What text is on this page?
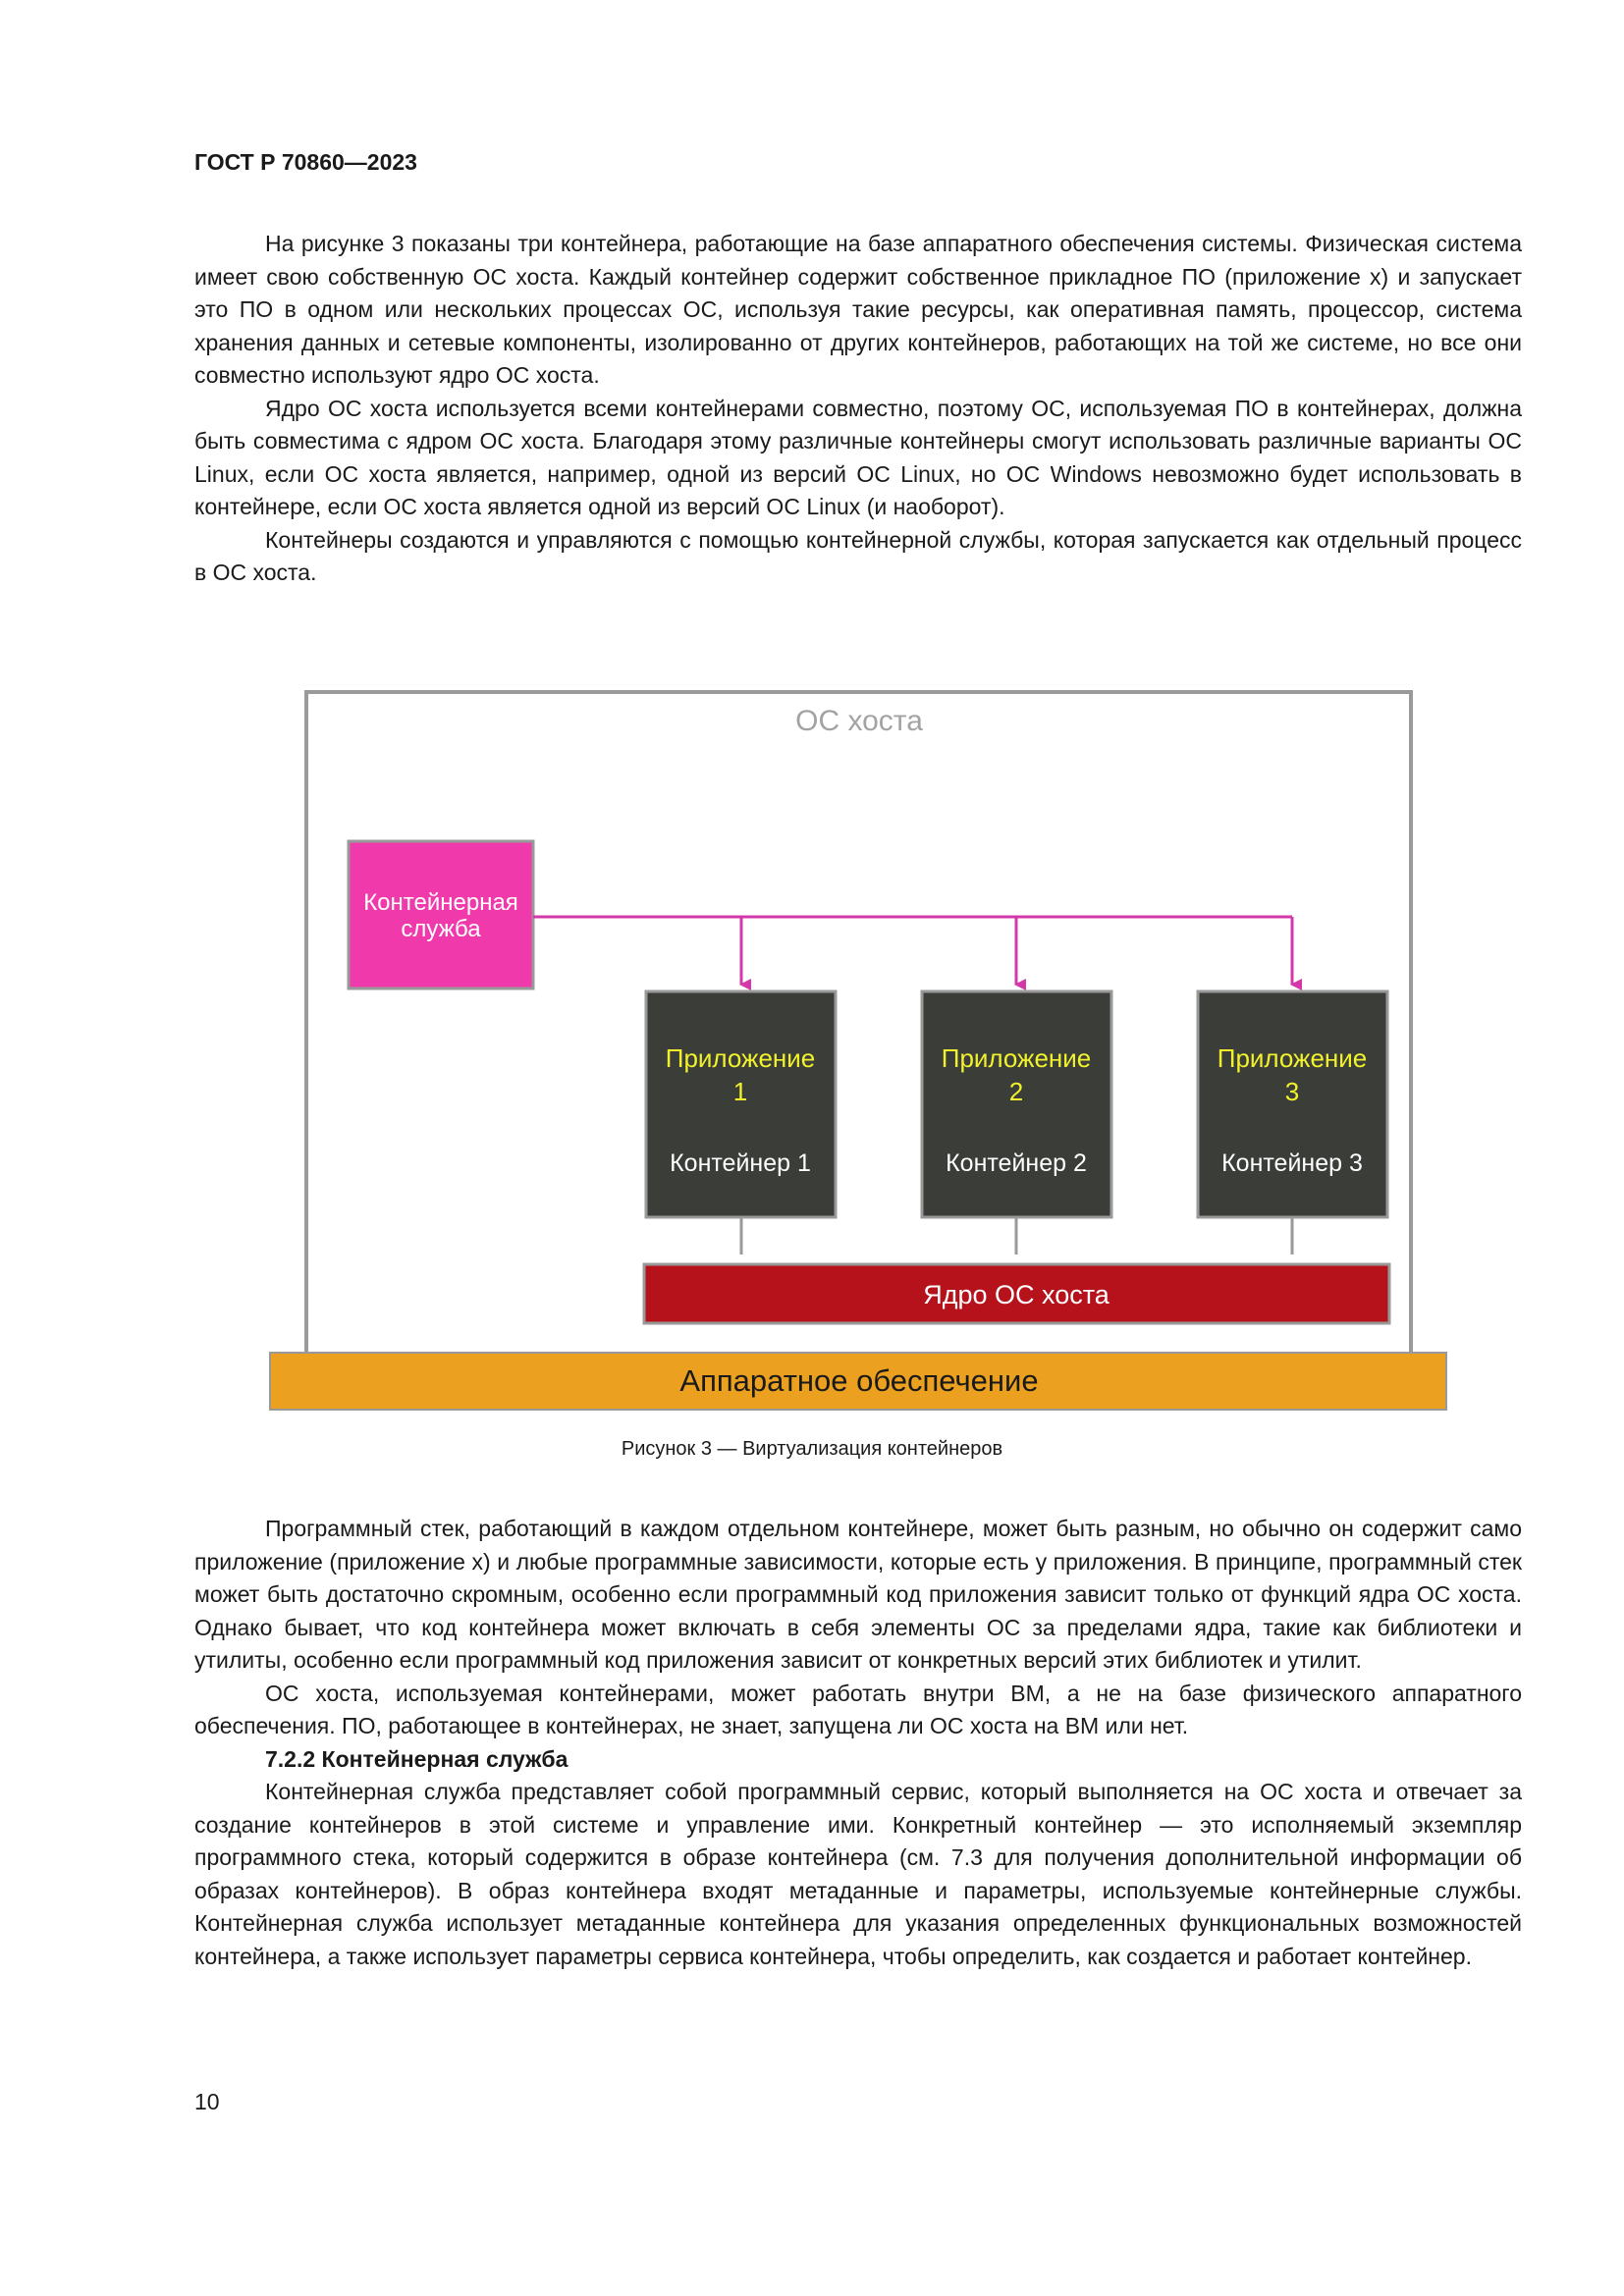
ГОСТ Р 70860—2023

На рисунке 3 показаны три контейнера, работающие на базе аппаратного обеспечения системы. Физическая система имеет свою собственную ОС хоста. Каждый контейнер содержит собственное прикладное ПО (приложение x) и запускает это ПО в одном или нескольких процессах ОС, используя такие ресурсы, как оперативная память, процессор, система хранения данных и сетевые компоненты, изолированно от других контейнеров, работающих на той же системе, но все они совместно используют ядро ОС хоста.

Ядро ОС хоста используется всеми контейнерами совместно, поэтому ОС, используемая ПО в контейнерах, должна быть совместима с ядром ОС хоста. Благодаря этому различные контейнеры смогут использовать различные варианты ОС Linux, если ОС хоста является, например, одной из версий ОС Linux, но ОС Windows невозможно будет использовать в контейнере, если ОС хоста является одной из версий ОС Linux (и наоборот).

Контейнеры создаются и управляются с помощью контейнерной службы, которая запускается как отдельный процесс в ОС хоста.

ОС хоста
Контейнерная
служба
Приложение
1
Контейнер 1
Приложение
2
Контейнер 2
Приложение
3
Контейнер 3
Ядро ОС хоста
Аппаратное обеспечение
Рисунок 3 — Виртуализация контейнеров

Программный стек, работающий в каждом отдельном контейнере, может быть разным, но обычно он содержит само приложение (приложение x) и любые программные зависимости, которые есть у приложения. В принципе, программный стек может быть достаточно скромным, особенно если программный код приложения зависит только от функций ядра ОС хоста. Однако бывает, что код контейнера может включать в себя элементы ОС за пределами ядра, такие как библиотеки и утилиты, особенно если программный код приложения зависит от конкретных версий этих библиотек и утилит.

ОС хоста, используемая контейнерами, может работать внутри ВМ, а не на базе физического аппаратного обеспечения. ПО, работающее в контейнерах, не знает, запущена ли ОС хоста на ВМ или нет.

7.2.2 Контейнерная служба

Контейнерная служба представляет собой программный сервис, который выполняется на ОС хоста и отвечает за создание контейнеров в этой системе и управление ими. Конкретный контейнер — это исполняемый экземпляр программного стека, который содержится в образе контейнера (см. 7.3 для получения дополнительной информации об образах контейнеров). В образ контейнера входят метаданные и параметры, используемые контейнерные службы. Контейнерная служба использует метаданные контейнера для указания определенных функциональных возможностей контейнера, а также использует параметры сервиса контейнера, чтобы определить, как создается и работает контейнер.

10
